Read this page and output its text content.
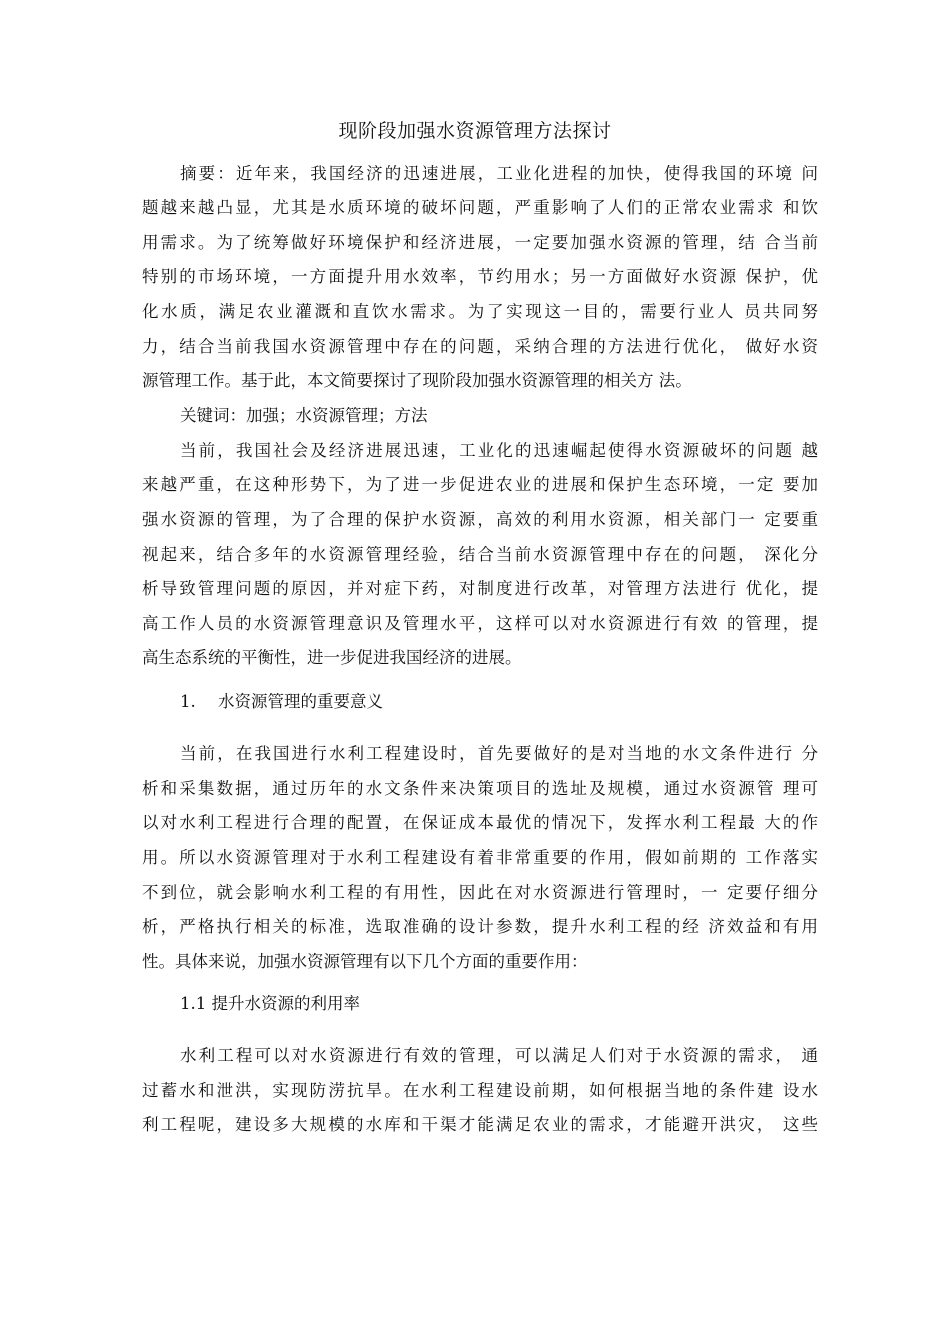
现阶段加强水资源管理方法探讨
摘要：近年来，我国经济的迅速进展，工业化进程的加快，使得我国的环境 问
题越来越凸显，尤其是水质环境的破坏问题，严重影响了人们的正常农业需求 和饮
用需求。为了统筹做好环境保护和经济进展，一定要加强水资源的管理，结 合当前
特别的市场环境，一方面提升用水效率，节约用水；另一方面做好水资源 保护，优
化水质，满足农业灌溉和直饮水需求。为了实现这一目的，需要行业人 员共同努
力，结合当前我国水资源管理中存在的问题，采纳合理的方法进行优化， 做好水资
源管理工作。基于此，本文简要探讨了现阶段加强水资源管理的相关方 法。
关键词：加强；水资源管理；方法
当前，我国社会及经济进展迅速，工业化的迅速崛起使得水资源破坏的问题 越
来越严重，在这种形势下，为了进一步促进农业的进展和保护生态环境，一定 要加
强水资源的管理，为了合理的保护水资源，高效的利用水资源，相关部门一 定要重
视起来，结合多年的水资源管理经验，结合当前水资源管理中存在的问题， 深化分
析导致管理问题的原因，并对症下药，对制度进行改革，对管理方法进行 优化，提
高工作人员的水资源管理意识及管理水平，这样可以对水资源进行有效 的管理，提
高生态系统的平衡性，进一步促进我国经济的进展。
1. 水资源管理的重要意义
当前，在我国进行水利工程建设时，首先要做好的是对当地的水文条件进行 分
析和采集数据，通过历年的水文条件来决策项目的选址及规模，通过水资源管 理可
以对水利工程进行合理的配置，在保证成本最优的情况下，发挥水利工程最 大的作
用。所以水资源管理对于水利工程建设有着非常重要的作用，假如前期的 工作落实
不到位，就会影响水利工程的有用性，因此在对水资源进行管理时，一 定要仔细分
析，严格执行相关的标准，选取准确的设计参数，提升水利工程的经 济效益和有用
性。具体来说，加强水资源管理有以下几个方面的重要作用：
1.1 提升水资源的利用率
水利工程可以对水资源进行有效的管理，可以满足人们对于水资源的需求， 通
过蓄水和泄洪，实现防涝抗旱。在水利工程建设前期，如何根据当地的条件建 设水
利工程呢，建设多大规模的水库和干渠才能满足农业的需求，才能避开洪灾， 这些
